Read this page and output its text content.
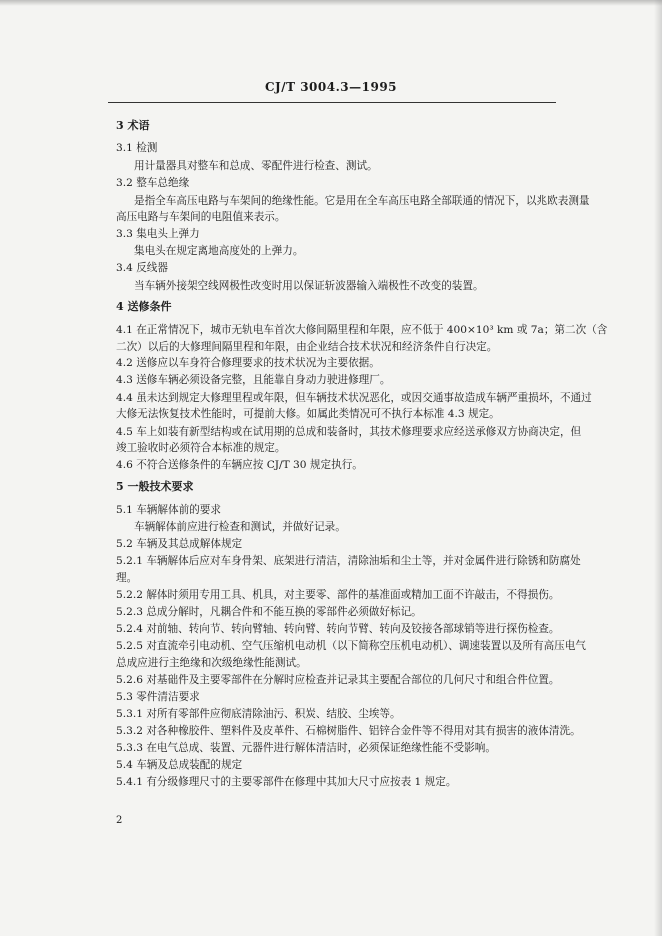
CJ/T 3004.3—1995
3 术语
3.1 检测
用计量器具对整车和总成、零配件进行检查、测试。
3.2 整车总绝缘
是指全车高压电路与车架间的绝缘性能。它是用在全车高压电路全部联通的情况下，以兆欧表测量
高压电路与车架间的电阻值来表示。
3.3 集电头上弹力
集电头在规定离地高度处的上弹力。
3.4 反线器
当车辆外接架空线网极性改变时用以保证斩波器输入端极性不改变的装置。
4 送修条件
4.1 在正常情况下，城市无轨电车首次大修间隔里程和年限，应不低于 400×10³ km 或 7a；第二次（含
二次）以后的大修理间隔里程和年限，由企业结合技术状况和经济条件自行决定。
4.2 送修应以车身符合修理要求的技术状况为主要依据。
4.3 送修车辆必须设备完整，且能靠自身动力驶进修理厂。
4.4 虽未达到规定大修理里程或年限，但车辆技术状况恶化，或因交通事故造成车辆严重损坏，不通过
大修无法恢复技术性能时，可提前大修。如属此类情况可不执行本标准 4.3 规定。
4.5 车上如装有新型结构或在试用期的总成和装备时，其技术修理要求应经送承修双方协商决定，但
竣工验收时必须符合本标准的规定。
4.6 不符合送修条件的车辆应按 CJ/T 30 规定执行。
5 一般技术要求
5.1 车辆解体前的要求
车辆解体前应进行检查和测试，并做好记录。
5.2 车辆及其总成解体规定
5.2.1 车辆解体后应对车身骨架、底架进行清洁，清除油垢和尘土等，并对金属件进行除锈和防腐处
理。
5.2.2 解体时须用专用工具、机具，对主要零、部件的基准面或精加工面不许敲击，不得损伤。
5.2.3 总成分解时，凡耦合件和不能互换的零部件必须做好标记。
5.2.4 对前轴、转向节、转向臂轴、转向臂、转向节臂、转向及铰接各部球销等进行探伤检查。
5.2.5 对直流牵引电动机、空气压缩机电动机（以下简称空压机电动机）、调速装置以及所有高压电气
总成应进行主绝缘和次级绝缘性能测试。
5.2.6 对基础件及主要零部件在分解时应检查并记录其主要配合部位的几何尺寸和组合件位置。
5.3 零件清洁要求
5.3.1 对所有零部件应彻底清除油污、积炭、结胶、尘埃等。
5.3.2 对各种橡胶件、塑料件及皮革件、石棉树脂件、铝锌合金件等不得用对其有损害的液体清洗。
5.3.3 在电气总成、装置、元器件进行解体清洁时，必须保证绝缘性能不受影响。
5.4 车辆及总成装配的规定
5.4.1 有分级修理尺寸的主要零部件在修理中其加大尺寸应按表 1 规定。
2
